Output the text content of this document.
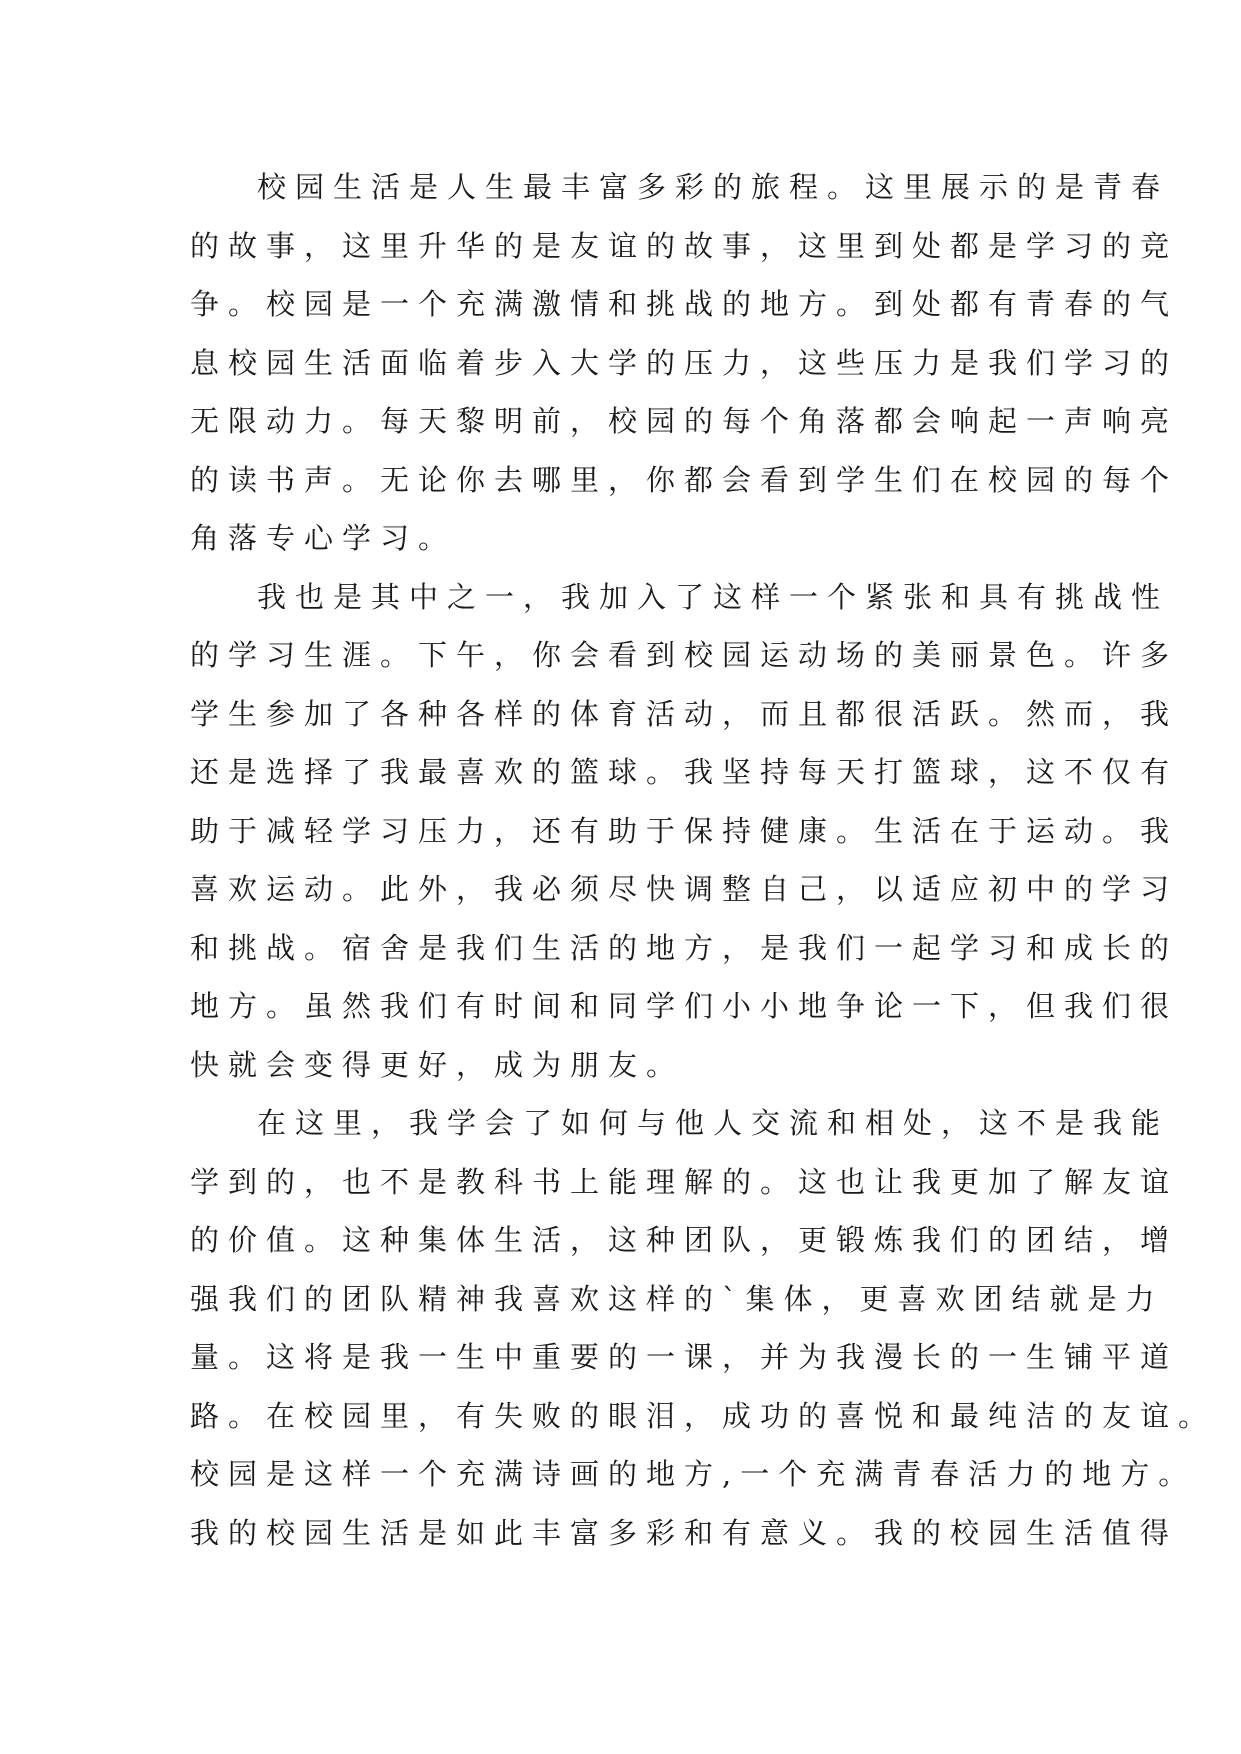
校园生活是人生最丰富多彩的旅程。这里展示的是青春
的故事，这里升华的是友谊的故事，这里到处都是学习的竞
争。校园是一个充满激情和挑战的地方。到处都有青春的气
息校园生活面临着步入大学的压力，这些压力是我们学习的
无限动力。每天黎明前，校园的每个角落都会响起一声响亮
的读书声。无论你去哪里，你都会看到学生们在校园的每个
角落专心学习。
我也是其中之一，我加入了这样一个紧张和具有挑战性
的学习生涯。下午，你会看到校园运动场的美丽景色。许多
学生参加了各种各样的体育活动，而且都很活跃。然而，我
还是选择了我最喜欢的篮球。我坚持每天打篮球，这不仅有
助于减轻学习压力，还有助于保持健康。生活在于运动。我
喜欢运动。此外，我必须尽快调整自己，以适应初中的学习
和挑战。宿舍是我们生活的地方，是我们一起学习和成长的
地方。虽然我们有时间和同学们小小地争论一下，但我们很
快就会变得更好，成为朋友。
在这里，我学会了如何与他人交流和相处，这不是我能
学到的，也不是教科书上能理解的。这也让我更加了解友谊
的价值。这种集体生活，这种团队，更锻炼我们的团结，增
强我们的团队精神我喜欢这样的`集体，更喜欢团结就是力
量。这将是我一生中重要的一课，并为我漫长的一生铺平道
路。在校园里，有失败的眼泪，成功的喜悦和最纯洁的友谊。
校园是这样一个充满诗画的地方,一个充满青春活力的地方。
我的校园生活是如此丰富多彩和有意义。我的校园生活值得
